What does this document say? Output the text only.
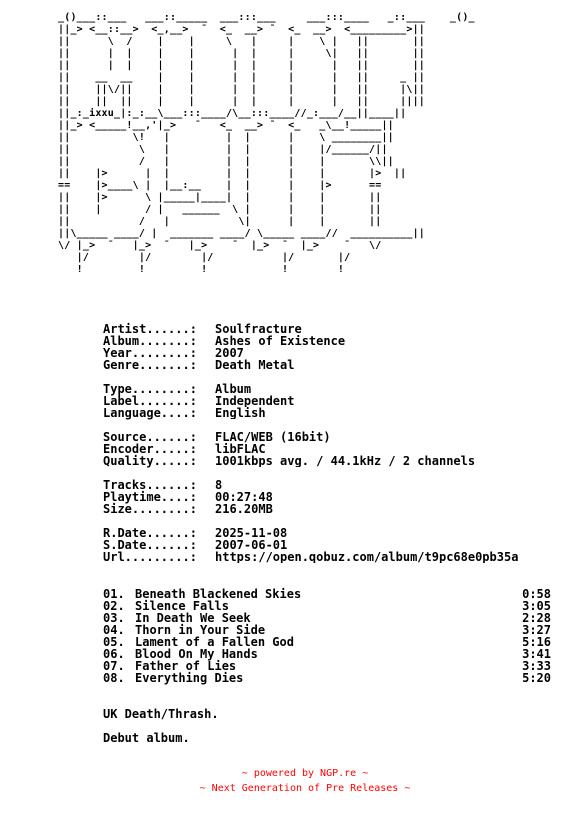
_()___::___   ___::_____  ___:::___     ___:::____   _::___    _()_
||_> <__::__>  <_,__>  ¯  <_  __> ¯  <_  __>  <_________>||
||      \  /    |    |     \   |     |    \ |   ||       ||
||      |  |    |    |      |  |     |     \|   ||       ||
||      |  |    |    |      |  |     |      |   ||       ||
||    __  __    |    |      |  |     |      |   ||     _ ||
||    ||\/||    |    |      |  |     |      |   ||     |\||
||    ||  ||    |    |      |  |     |      |   ||     ||||
||_:_ixxu_|:_:__\___:::____/\__:::____//_:___/__||____||
||_> <_____!__,'|_>   ¯   <_  __> ¯  <_   _\__!_____||
||          \!   |         |  |      |    \ ________||
||           \   |         |  |      |    |/______/||
||           /   |         |  |      |    |       \\||
||    |>      |  |         |  |      |    |       |>  ||
==    |>____\ |  |__:__    |  |      |    |>      ==
||    |>      \ |_____|____|  |      |    |       ||
||    |       / |   ______  \ |      |    |       ||
||           /   |           \|      |    |       ||
||\_____ ____/ |  _______ ____/ \_____ ____//  __________||
\/ |_>  ¯   |_>  ¯   |_>    ¯  |_>  ¯  |_>    ¯   \/
|/        |/        |/           |/       |/
!         !         !            !        !
Artist......:	Soulfracture
Album.......:	Ashes of Existence
Year........:	2007
Genre.......:	Death Metal
Type........:	Album
Label.......:	Independent
Language....:	English
Source......:	FLAC/WEB (16bit)
Encoder.....:	libFLAC
Quality.....:	1001kbps avg. / 44.1kHz / 2 channels
Tracks......:	8
Playtime....:	00:27:48
Size........:	216.20MB
R.Date......:	2025-11-08
S.Date......:	2007-06-01
Url.........:	https://open.qobuz.com/album/t9pc68e0pb35a
01. Beneath Blackened Skies	0:58
02. Silence Falls	3:05
03. In Death We Seek	2:28
04. Thorn in Your Side	3:27
05. Lament of a Fallen God	5:16
06. Blood On My Hands	3:41
07. Father of Lies	3:33
08. Everything Dies	5:20
UK Death/Thrash.
Debut album.
~ powered by NGP.re ~
~ Next Generation of Pre Releases ~
